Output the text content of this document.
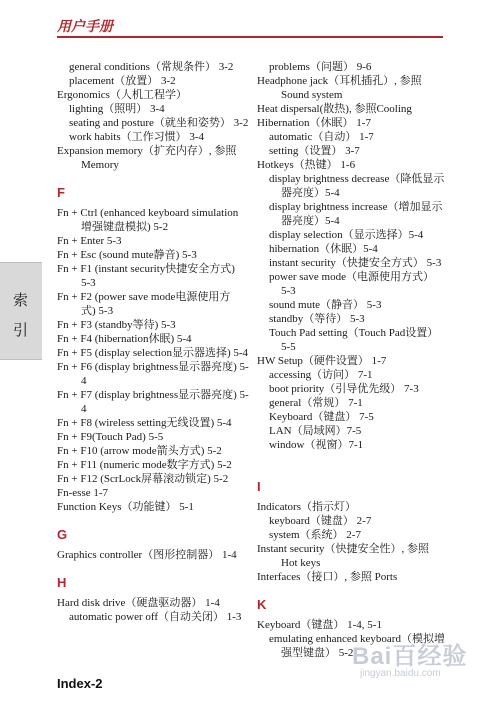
用户手册
索
引
general conditions（常规条件） 3-2
placement（放置） 3-2
Ergonomics（人机工程学）
lighting（照明） 3-4
seating and posture（就坐和姿势） 3-2
work habits（工作习惯） 3-4
Expansion memory（扩充内存）, 参照
Memory
F
Fn + Ctrl (enhanced keyboard simulation
增强键盘模拟) 5-2
Fn + Enter 5-3
Fn + Esc (sound mute静音) 5-3
Fn + F1 (instant security快捷安全方式)
5-3
Fn + F2 (power save mode电源使用方
式) 5-3
Fn + F3 (standby等待) 5-3
Fn + F4 (hibernation休眠) 5-4
Fn + F5 (display selection显示器选择) 5-4
Fn + F6 (display brightness显示器亮度) 5-
4
Fn + F7 (display brightness显示器亮度) 5-
4
Fn + F8 (wireless setting无线设置) 5-4
Fn + F9(Touch Pad) 5-5
Fn + F10 (arrow mode箭头方式) 5-2
Fn + F11 (numeric mode数字方式) 5-2
Fn + F12 (ScrLock屏幕滚动锁定) 5-2
Fn-esse 1-7
Function Keys（功能键） 5-1
G
Graphics controller（图形控制器） 1-4
H
Hard disk drive（硬盘驱动器） 1-4
automatic power off（自动关闭） 1-3
problems（问题） 9-6
Headphone jack（耳机插孔）, 参照
Sound system
Heat dispersal(散热), 参照Cooling
Hibernation（休眠） 1-7
automatic（自动） 1-7
setting（设置） 3-7
Hotkeys（热键） 1-6
display brightness decrease（降低显示
器亮度）5-4
display brightness increase（增加显示
器亮度）5-4
display selection（显示选择）5-4
hibernation（休眠）5-4
instant security（快捷安全方式） 5-3
power save mode（电源使用方式）
5-3
sound mute（静音） 5-3
standby（等待） 5-3
Touch Pad setting（Touch Pad设置）
5-5
HW Setup（硬件设置） 1-7
accessing（访问） 7-1
boot priority（引导优先级） 7-3
general（常规） 7-1
Keyboard（键盘） 7-5
LAN（局域网）7-5
window（视窗）7-1
I
Indicators（指示灯）
keyboard（键盘） 2-7
system（系统） 2-7
Instant security（快捷安全性）, 参照
Hot keys
Interfaces（接口）, 参照 Ports
K
Keyboard（键盘） 1-4, 5-1
emulating enhanced keyboard（模拟增
强型键盘） 5-2
Index-2
Bai百经验
jingyan.baidu.com
